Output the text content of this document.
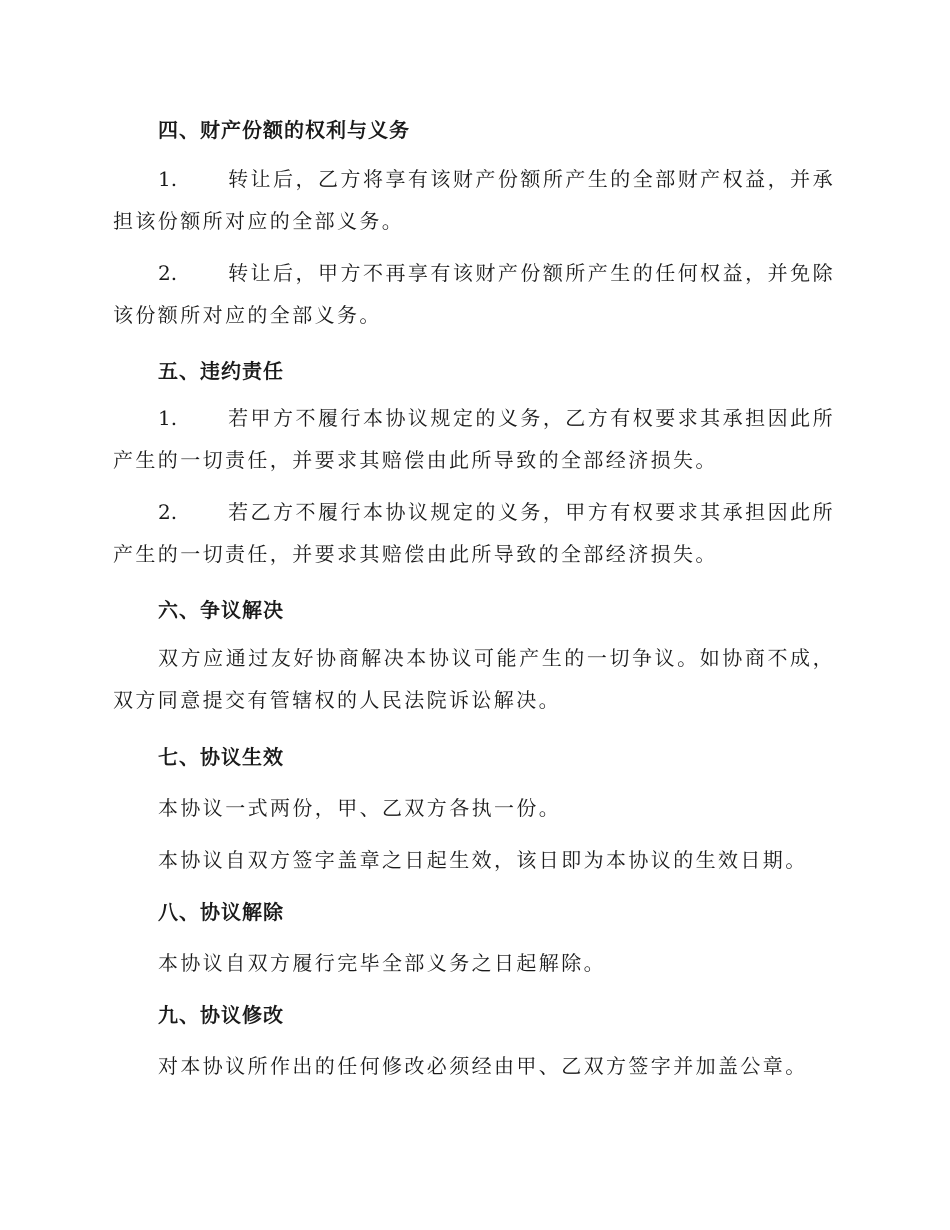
四、财产份额的权利与义务
1.	转让后，乙方将享有该财产份额所产生的全部财产权益，并承担该份额所对应的全部义务。
2.	转让后，甲方不再享有该财产份额所产生的任何权益，并免除该份额所对应的全部义务。
五、违约责任
1.	若甲方不履行本协议规定的义务，乙方有权要求其承担因此所产生的一切责任，并要求其赔偿由此所导致的全部经济损失。
2.	若乙方不履行本协议规定的义务，甲方有权要求其承担因此所产生的一切责任，并要求其赔偿由此所导致的全部经济损失。
六、争议解决
双方应通过友好协商解决本协议可能产生的一切争议。如协商不成，双方同意提交有管辖权的人民法院诉讼解决。
七、协议生效
本协议一式两份，甲、乙双方各执一份。
本协议自双方签字盖章之日起生效，该日即为本协议的生效日期。
八、协议解除
本协议自双方履行完毕全部义务之日起解除。
九、协议修改
对本协议所作出的任何修改必须经由甲、乙双方签字并加盖公章。
